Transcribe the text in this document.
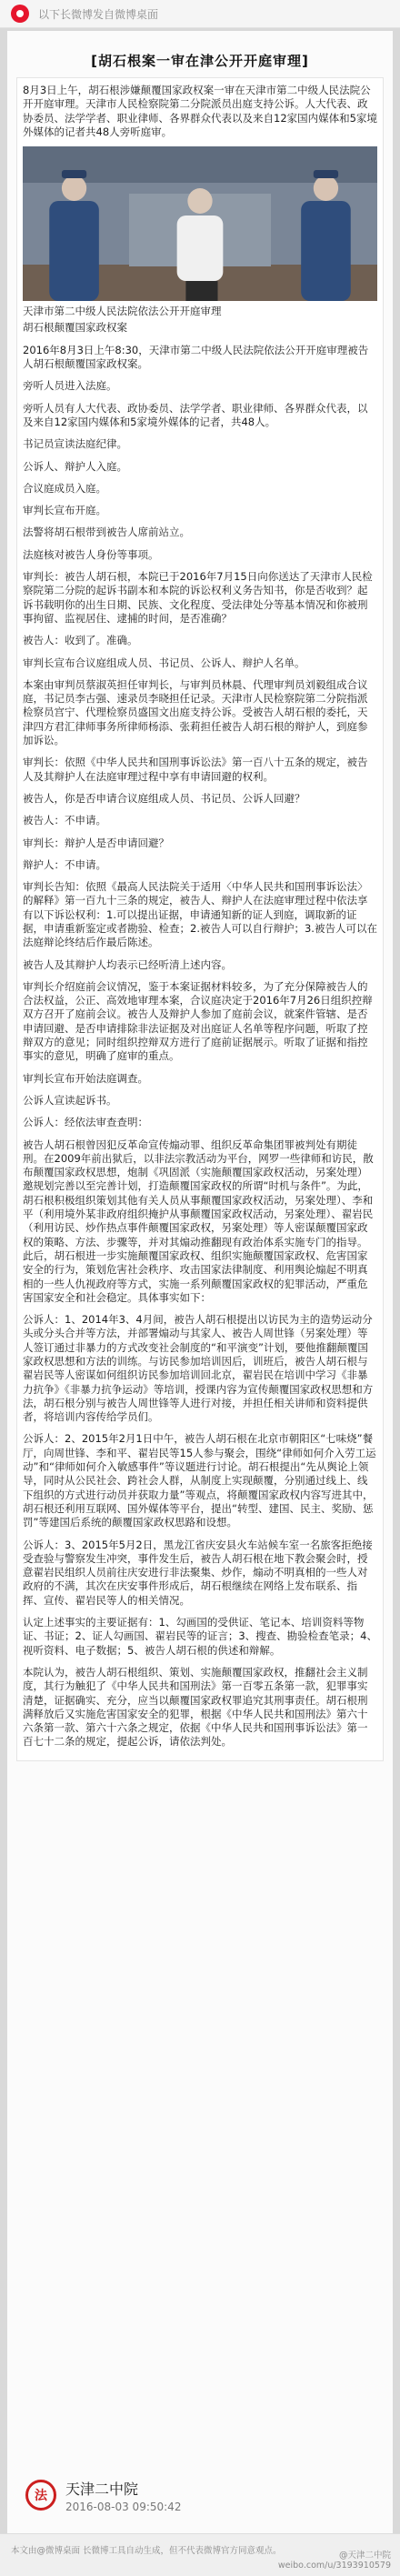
以下长微博发自微博桌面
[胡石根案一审在津公开开庭审理]
8月3日上午，胡石根涉嫌颠覆国家政权案一审在天津市第二中级人民法院公开开庭审理。天津市人民检察院第二分院派员出庭支持公诉。人大代表、政协委员、法学学者、职业律师、各界群众代表以及来自12家国内媒体和5家境外媒体的记者共48人旁听庭审。
天津市第二中级人民法院依法公开开庭审理
胡石根颠覆国家政权案
2016年8月3日上午8:30，天津市第二中级人民法院依法公开开庭审理被告人胡石根颠覆国家政权案。
旁听人员进入法庭。
旁听人员有人大代表、政协委员、法学学者、职业律师、各界群众代表，以及来自12家国内媒体和5家境外媒体的记者，共48人。
书记员宣读法庭纪律。
公诉人、辩护人入庭。
合议庭成员入庭。
审判长宣布开庭。
法警将胡石根带到被告人席前站立。
法庭核对被告人身份等事项。
审判长：被告人胡石根，本院已于2016年7月15日向你送达了天津市人民检察院第二分院的起诉书副本和本院的诉讼权利义务告知书，你是否收到？起诉书载明你的出生日期、民族、文化程度、受法律处分等基本情况和你被刑事拘留、监视居住、逮捕的时间，是否准确？
被告人：收到了。准确。
审判长宣布合议庭组成人员、书记员、公诉人、辩护人名单。
本案由审判员蔡淑英担任审判长，与审判员林晨、代理审判员刘毅组成合议庭，书记员李古强、速录员李晓担任记录。天津市人民检察院第二分院指派检察员宫宁、代理检察员盛国文出庭支持公诉。受被告人胡石根的委托，天津四方君汇律师事务所律师杨添、张莉担任被告人胡石根的辩护人，到庭参加诉讼。
审判长：依照《中华人民共和国刑事诉讼法》第一百八十五条的规定，被告人及其辩护人在法庭审理过程中享有申请回避的权利。
被告人，你是否申请合议庭组成人员、书记员、公诉人回避？
被告人：不申请。
审判长：辩护人是否申请回避？
辩护人：不申请。
审判长告知：依照《最高人民法院关于适用〈中华人民共和国刑事诉讼法〉的解释》第一百九十三条的规定，被告人、辩护人在法庭审理过程中依法享有以下诉讼权利：1.可以提出证据，申请通知新的证人到庭，调取新的证据，申请重新鉴定或者勘验、检查；2.被告人可以自行辩护；3.被告人可以在法庭辩论终结后作最后陈述。
被告人及其辩护人均表示已经听清上述内容。
审判长介绍庭前会议情况，鉴于本案证据材料较多，为了充分保障被告人的合法权益，公正、高效地审理本案，合议庭决定于2016年7月26日组织控辩双方召开了庭前会议。被告人及辩护人参加了庭前会议，就案件管辖、是否申请回避、是否申请排除非法证据及对出庭证人名单等程序问题，听取了控辩双方的意见；同时组织控辩双方进行了庭前证据展示。听取了证据和指控事实的意见，明确了庭审的重点。
审判长宣布开始法庭调查。
公诉人宣读起诉书。
公诉人：经依法审查查明：
被告人胡石根曾因犯反革命宣传煽动罪、组织反革命集团罪被判处有期徒刑。在2009年前出狱后，以非法宗教活动为平台，网罗一些律师和访民，散布颠覆国家政权思想，炮制《巩固派（实施颠覆国家政权活动，另案处理）邀规划完善以至完善计划，打造颠覆国家政权的所谓“时机与条件”。为此，胡石根积极组织策划其他有关人员从事颠覆国家政权活动，另案处理）、李和平（利用境外某非政府组织掩护从事颠覆国家政权活动，另案处理）、翟岩民（利用访民、炒作热点事件颠覆国家政权，另案处理）等人密谋颠覆国家政权的策略、方法、步骤等，并对其煽动推翻现有政治体系实施专门的指导。此后，胡石根进一步实施颠覆国家政权、组织实施颠覆国家政权、危害国家安全的行为，策划危害社会秩序、攻击国家法律制度、利用舆论煽起不明真相的一些人仇视政府等方式，实施一系列颠覆国家政权的犯罪活动，严重危害国家安全和社会稳定。具体事实如下：
公诉人：1、2014年3、4月间，被告人胡石根提出以访民为主的造势运动分头或分头合并等方法，并部署煽动与其家人、被告人周世锋（另案处理）等人签订通过非暴力的方式改变社会制度的“和平演变”计划，要他推翻颠覆国家政权思想和方法的训练。与访民参加培训因后，训班后，被告人胡石根与翟岩民等人密谋如何组织访民参加培训回北京，翟岩民在培训中学习《非暴力抗争》《非暴力抗争运动》等培训，授课内容为宣传颠覆国家政权思想和方法，胡石根分别与被告人周世锋等人进行对接，并担任相关讲师和资料提供者，将培训内容传给学员们。
公诉人：2、2015年2月1日中午，被告人胡石根在北京市朝阳区“七味烧”餐厅，向周世锋、李和平、翟岩民等15人参与聚会，围绕“律师如何介入劳工运动”和“律师如何介入敏感事件”等议题进行讨论。胡石根提出“先从舆论上领导，同时从公民社会、跨社会人群，从制度上实现颠覆，分别通过线上、线下组织的方式进行动员并获取力量”等观点，将颠覆国家政权内容写进其中，胡石根还利用互联网、国外媒体等平台，提出“转型、建国、民主、奖励、惩罚”等建国后系统的颠覆国家政权思路和设想。
公诉人：3、2015年5月2日，黑龙江省庆安县火车站候车室一名旅客拒绝接受查验与警察发生冲突，事件发生后，被告人胡石根在地下教会聚会时，授意翟岩民组织人员前往庆安进行非法聚集、炒作，煽动不明真相的一些人对政府的不满，其次在庆安事件形成后，胡石根继续在网络上发布联系、指挥、宣传、翟岩民等人的相关情况。
认定上述事实的主要证据有：1、勾画国的受供证、笔记本、培训资料等物证、书证；2、证人勾画国、翟岩民等的证言；3、搜查、勘验检查笔录；4、视听资料、电子数据；5、被告人胡石根的供述和辩解。
本院认为，被告人胡石根组织、策划、实施颠覆国家政权，推翻社会主义制度，其行为触犯了《中华人民共和国刑法》第一百零五条第一款，犯罪事实清楚，证据确实、充分，应当以颠覆国家政权罪追究其刑事责任。胡石根刑满释放后又实施危害国家安全的犯罪，根据《中华人民共和国刑法》第六十六条第一款、第六十六条之规定，依据《中华人民共和国刑事诉讼法》第一百七十二条的规定，提起公诉，请依法判处。
法 天津二中院

2016-08-03 09:50:42

本文由@微博桌面 长微博工具自动生成，但不代表微博官方同意观点。	@天津二中院
weibo.com/u/3193910579
